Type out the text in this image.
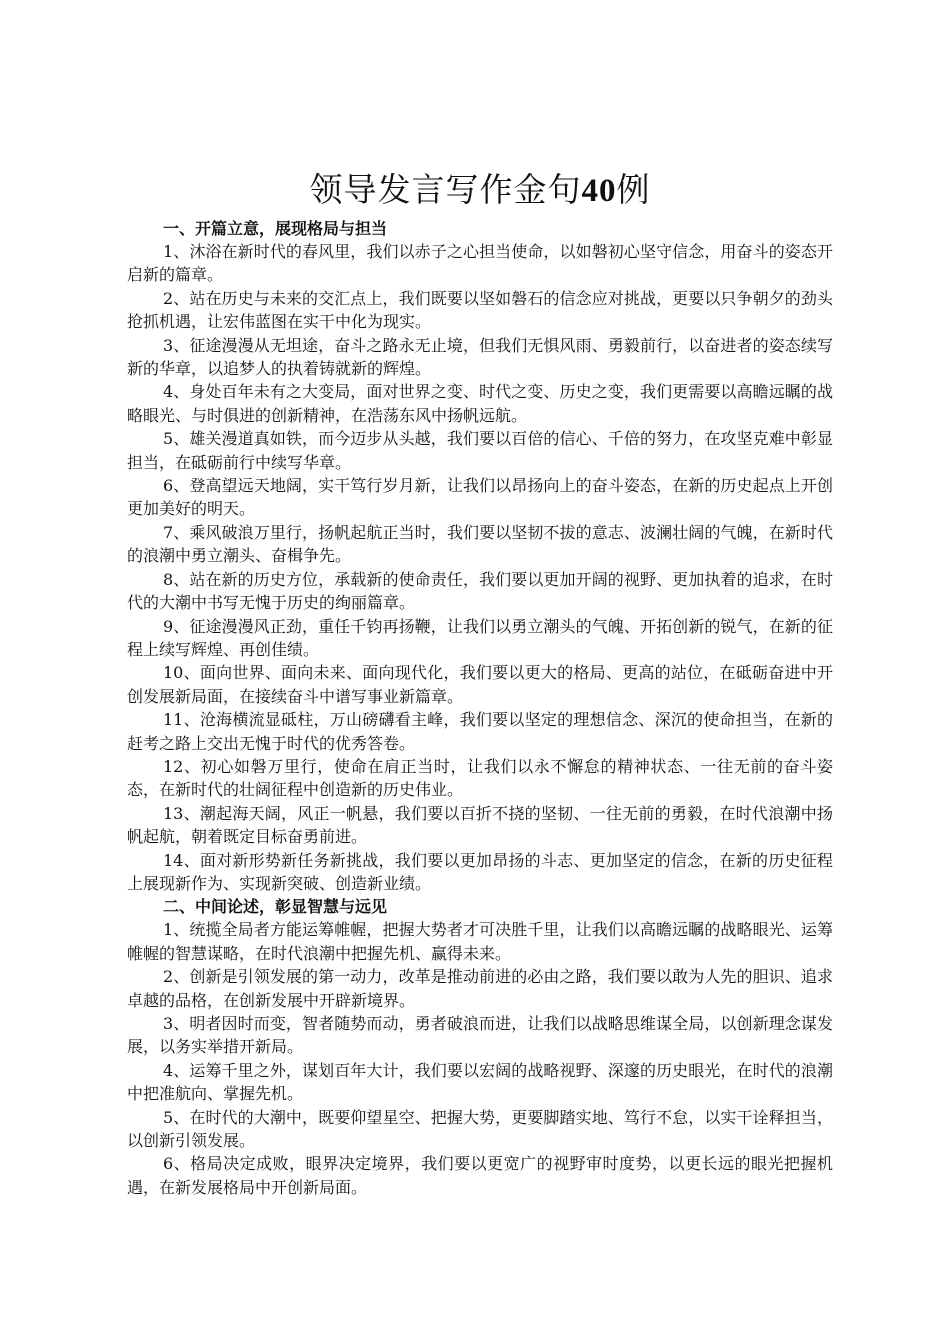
领导发言写作金句40例

一、开篇立意，展现格局与担当

1、沐浴在新时代的春风里，我们以赤子之心担当使命，以如磐初心坚守信念，用奋斗的姿态开启新的篇章。

2、站在历史与未来的交汇点上，我们既要以坚如磐石的信念应对挑战，更要以只争朝夕的劲头抢抓机遇，让宏伟蓝图在实干中化为现实。

3、征途漫漫从无坦途，奋斗之路永无止境，但我们无惧风雨、勇毅前行，以奋进者的姿态续写新的华章，以追梦人的执着铸就新的辉煌。

4、身处百年未有之大变局，面对世界之变、时代之变、历史之变，我们更需要以高瞻远瞩的战略眼光、与时俱进的创新精神，在浩荡东风中扬帆远航。

5、雄关漫道真如铁，而今迈步从头越，我们要以百倍的信心、千倍的努力，在攻坚克难中彰显担当，在砥砺前行中续写华章。

6、登高望远天地阔，实干笃行岁月新，让我们以昂扬向上的奋斗姿态，在新的历史起点上开创更加美好的明天。

7、乘风破浪万里行，扬帆起航正当时，我们要以坚韧不拔的意志、波澜壮阔的气魄，在新时代的浪潮中勇立潮头、奋楫争先。

8、站在新的历史方位，承载新的使命责任，我们要以更加开阔的视野、更加执着的追求，在时代的大潮中书写无愧于历史的绚丽篇章。

9、征途漫漫风正劲，重任千钧再扬鞭，让我们以勇立潮头的气魄、开拓创新的锐气，在新的征程上续写辉煌、再创佳绩。

10、面向世界、面向未来、面向现代化，我们要以更大的格局、更高的站位，在砥砺奋进中开创发展新局面，在接续奋斗中谱写事业新篇章。

11、沧海横流显砥柱，万山磅礴看主峰，我们要以坚定的理想信念、深沉的使命担当，在新的赶考之路上交出无愧于时代的优秀答卷。

12、初心如磐万里行，使命在肩正当时，让我们以永不懈怠的精神状态、一往无前的奋斗姿态，在新时代的壮阔征程中创造新的历史伟业。

13、潮起海天阔，风正一帆悬，我们要以百折不挠的坚韧、一往无前的勇毅，在时代浪潮中扬帆起航，朝着既定目标奋勇前进。

14、面对新形势新任务新挑战，我们要以更加昂扬的斗志、更加坚定的信念，在新的历史征程上展现新作为、实现新突破、创造新业绩。

二、中间论述，彰显智慧与远见

1、统揽全局者方能运筹帷幄，把握大势者才可决胜千里，让我们以高瞻远瞩的战略眼光、运筹帷幄的智慧谋略，在时代浪潮中把握先机、赢得未来。

2、创新是引领发展的第一动力，改革是推动前进的必由之路，我们要以敢为人先的胆识、追求卓越的品格，在创新发展中开辟新境界。

3、明者因时而变，智者随势而动，勇者破浪而进，让我们以战略思维谋全局，以创新理念谋发展，以务实举措开新局。

4、运筹千里之外，谋划百年大计，我们要以宏阔的战略视野、深邃的历史眼光，在时代的浪潮中把准航向、掌握先机。

5、在时代的大潮中，既要仰望星空、把握大势，更要脚踏实地、笃行不怠，以实干诠释担当，以创新引领发展。

6、格局决定成败，眼界决定境界，我们要以更宽广的视野审时度势，以更长远的眼光把握机遇，在新发展格局中开创新局面。
